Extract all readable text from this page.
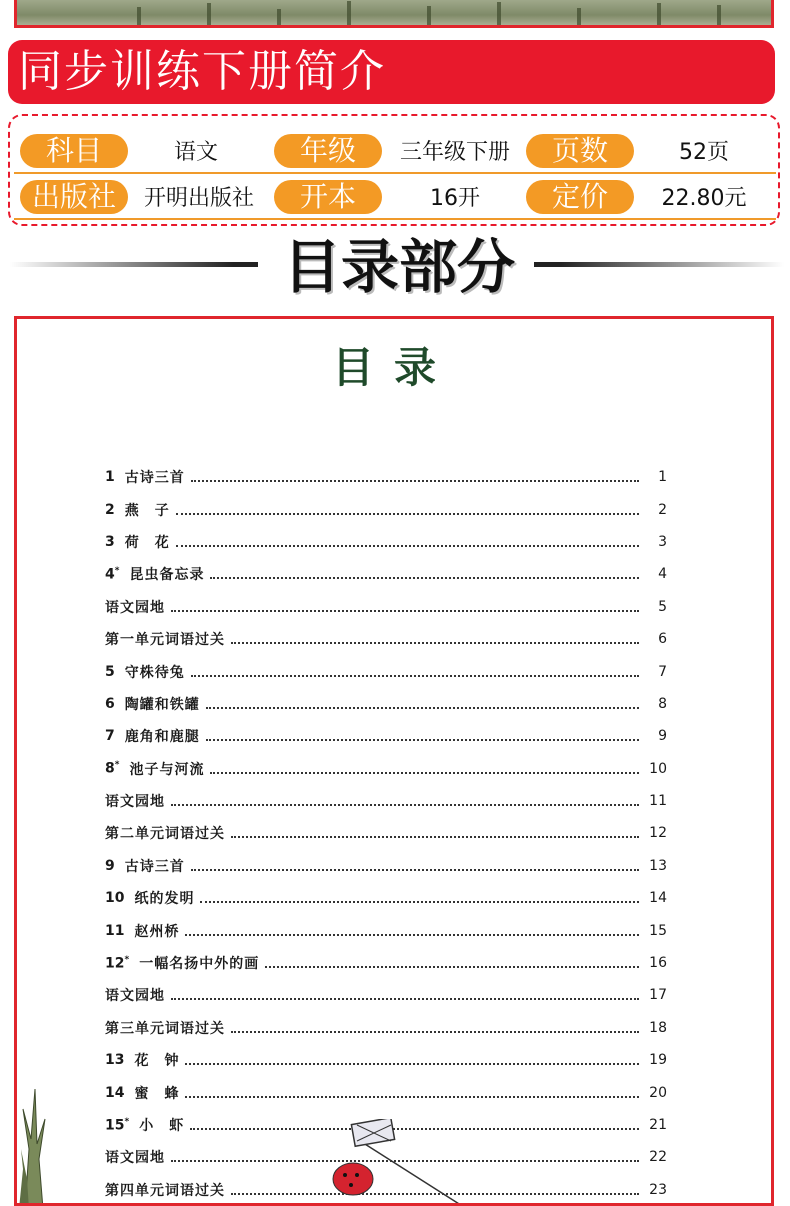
同步训练下册简介
科目	语文	年级	三年级下册	页数	52页
出版社	开明出版社	开本	16开	定价	22.80元
目录部分
目录
1 古诗三首	1
2 燕　子	2
3 荷　花	3
4* 昆虫备忘录	4
语文园地	5
第一单元词语过关	6
5 守株待兔	7
6 陶罐和铁罐	8
7 鹿角和鹿腿	9
8* 池子与河流	10
语文园地	11
第二单元词语过关	12
9 古诗三首	13
10 纸的发明	14
11 赵州桥	15
12* 一幅名扬中外的画	16
语文园地	17
第三单元词语过关	18
13 花　钟	19
14 蜜　蜂	20
15* 小　虾	21
语文园地	22
第四单元词语过关	23
